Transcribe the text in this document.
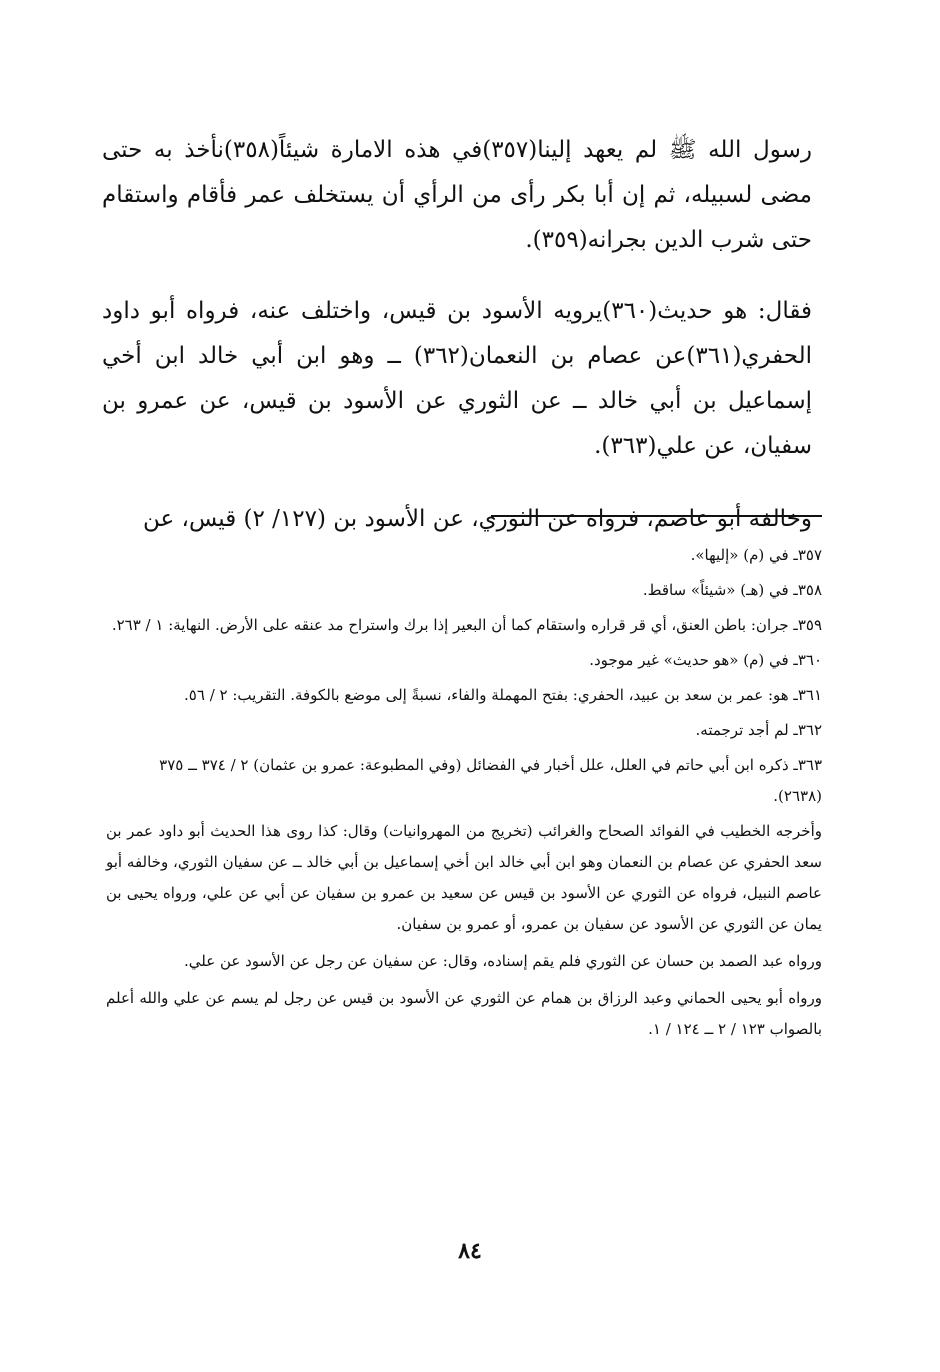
رسول الله ﷺ لم يعهد إلينا(٣٥٧)في هذه الامارة شيئاً(٣٥٨)نأخذ به حتى مضى لسبيله، ثم إن أبا بكر رأى من الرأي أن يستخلف عمر فأقام واستقام حتى شرب الدين بجرانه(٣٥٩).

فقال: هو حديث(٣٦٠)يرويه الأسود بن قيس، واختلف عنه، فرواه أبو داود الحفري(٣٦١)عن عصام بن النعمان(٣٦٢) ــ وهو ابن أبي خالد ابن أخي إسماعيل بن أبي خالد ــ عن الثوري عن الأسود بن قيس، عن عمرو بن سفيان، عن علي(٣٦٣).

وخالفه أبو عاصم، فرواه عن الثوري، عن الأسود بن (١٢٧/ ٢) قيس، عن

٣٥٧ـ في (م) «إليها».

٣٥٨ـ في (هـ) «شيئاً» ساقط.

٣٥٩ـ جران: باطن العنق، أي قر قراره واستقام كما أن البعير إذا برك واستراح مد عنقه على الأرض. النهاية: ١ / ٢٦٣.

٣٦٠ـ في (م) «هو حديث» غير موجود.

٣٦١ـ هو: عمر بن سعد بن عبيد، الحفري: بفتح المهملة والفاء، نسبةً إلى موضع بالكوفة. التقريب: ٢ / ٥٦.

٣٦٢ـ لم أجد ترجمته.

٣٦٣ـ ذكره ابن أبي حاتم في العلل، علل أخبار في الفضائل (وفي المطبوعة: عمرو بن عثمان) ٢ / ٣٧٤ ــ ٣٧٥ (٢٦٣٨).

وأخرجه الخطيب في الفوائد الصحاح والغرائب (تخريج من المهروانيات) وقال: كذا روى هذا الحديث أبو داود عمر بن سعد الحفري عن عصام بن النعمان وهو ابن أبي خالد ابن أخي إسماعيل بن أبي خالد ــ عن سفيان الثوري، وخالفه أبو عاصم النبيل، فرواه عن الثوري عن الأسود بن قيس عن سعيد بن عمرو بن سفيان عن أبي عن علي، ورواه يحيى بن يمان عن الثوري عن الأسود عن سفيان بن عمرو، أو عمرو بن سفيان.

ورواه عبد الصمد بن حسان عن الثوري فلم يقم إسناده، وقال: عن سفيان عن رجل عن الأسود عن علي.

ورواه أبو يحيى الحماني وعبد الرزاق بن همام عن الثوري عن الأسود بن قيس عن رجل لم يسم عن علي والله أعلم بالصواب ١٢٣ / ٢ ــ ١٢٤ / ١.

٨٤
